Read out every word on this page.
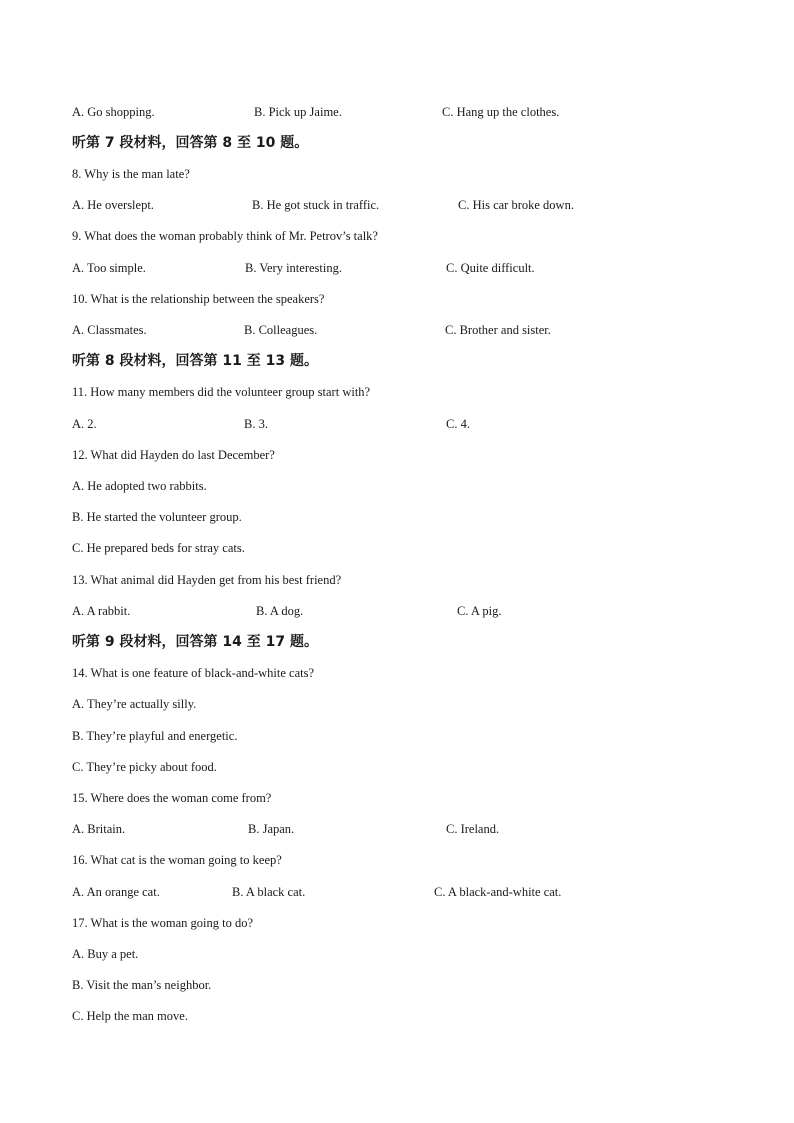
A. Go shopping.	B. Pick up Jaime.	C. Hang up the clothes.
听第 7 段材料，回答第 8 至 10 题。
8. Why is the man late?
A. He overslept.	B. He got stuck in traffic.	C. His car broke down.
9. What does the woman probably think of Mr. Petrov’s talk?
A. Too simple.	B. Very interesting.	C. Quite difficult.
10. What is the relationship between the speakers?
A. Classmates.	B. Colleagues.	C. Brother and sister.
听第 8 段材料，回答第 11 至 13 题。
11. How many members did the volunteer group start with?
A. 2.	B. 3.	C. 4.
12. What did Hayden do last December?
A. He adopted two rabbits.
B. He started the volunteer group.
C. He prepared beds for stray cats.
13. What animal did Hayden get from his best friend?
A. A rabbit.	B. A dog.	C. A pig.
听第 9 段材料，回答第 14 至 17 题。
14. What is one feature of black-and-white cats?
A. They’re actually silly.
B. They’re playful and energetic.
C. They’re picky about food.
15. Where does the woman come from?
A. Britain.	B. Japan.	C. Ireland.
16. What cat is the woman going to keep?
A. An orange cat.	B. A black cat.	C. A black-and-white cat.
17. What is the woman going to do?
A. Buy a pet.
B. Visit the man’s neighbor.
C. Help the man move.
